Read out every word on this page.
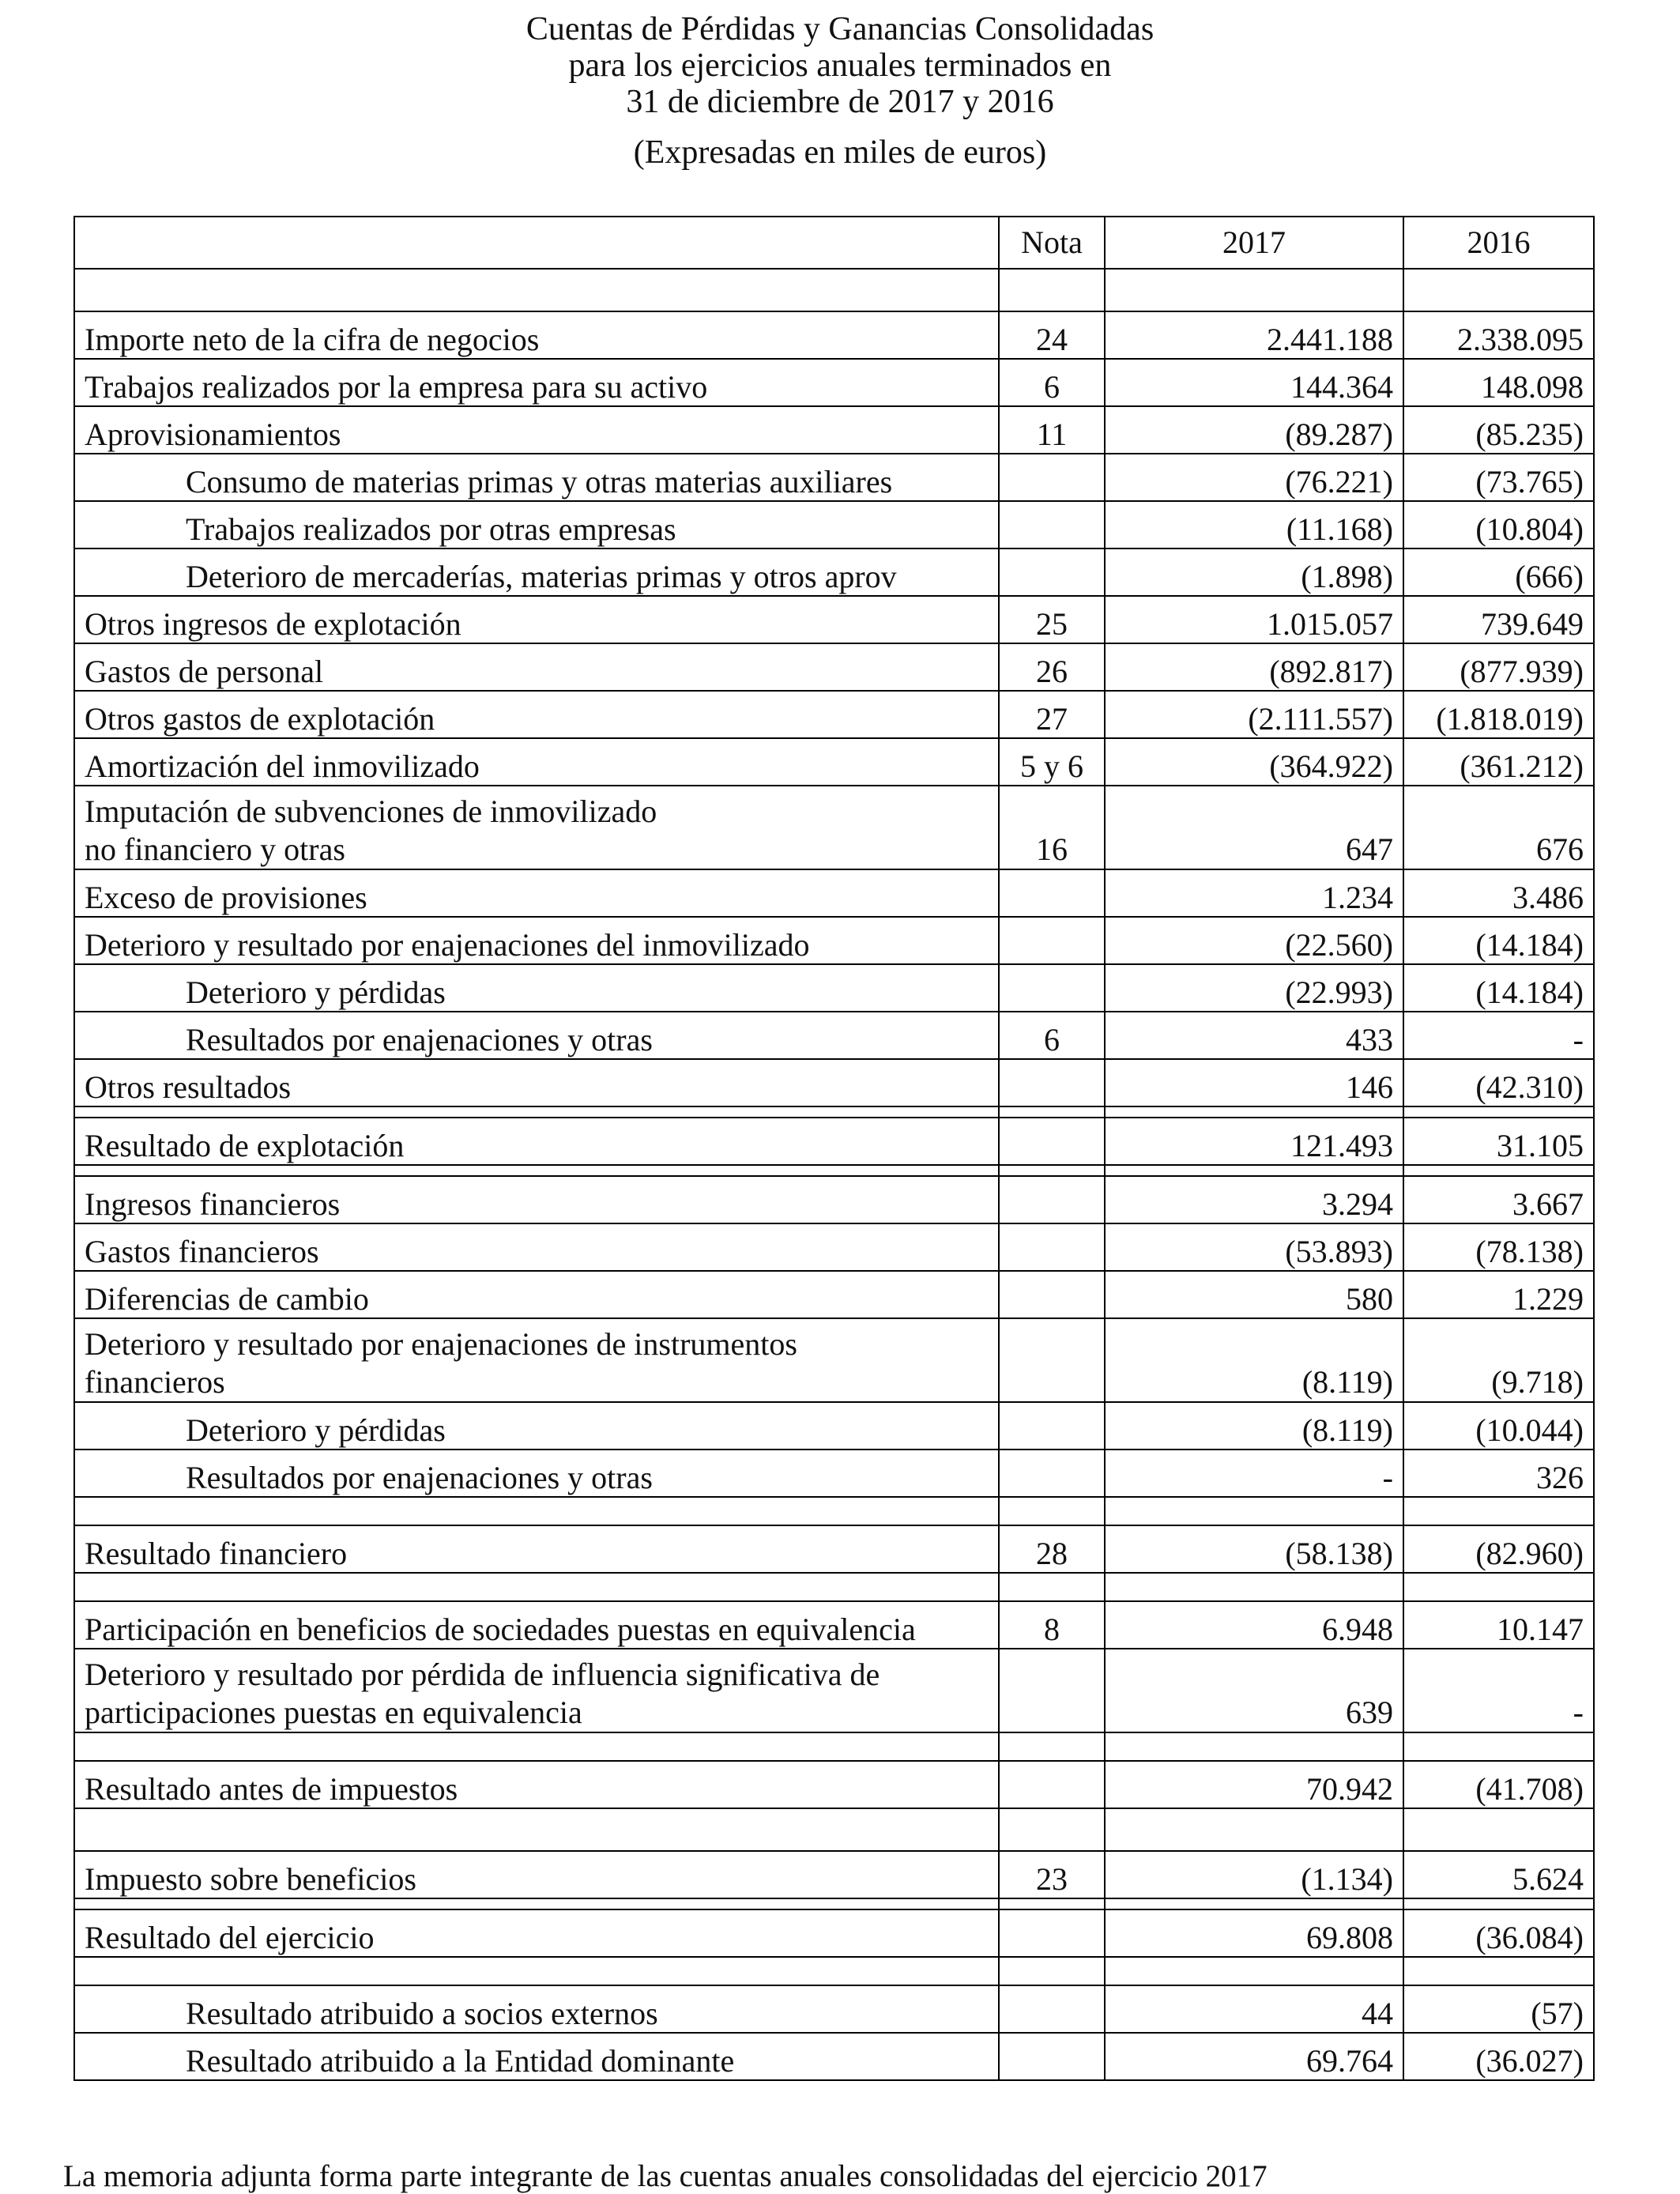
Cuentas de Pérdidas y Ganancias Consolidadas
para los ejercicios anuales terminados en
31 de diciembre de 2017 y 2016
(Expresadas en miles de euros)
	Nota	2017	2016

Importe neto de la cifra de negocios	24	2.441.188	2.338.095
Trabajos realizados por la empresa para su activo	6	144.364	148.098
Aprovisionamientos	11	(89.287)	(85.235)
Consumo de materias primas y otras materias auxiliares		(76.221)	(73.765)
Trabajos realizados por otras empresas		(11.168)	(10.804)
Deterioro de mercaderías, materias primas y otros aprov		(1.898)	(666)
Otros ingresos de explotación	25	1.015.057	739.649
Gastos de personal	26	(892.817)	(877.939)
Otros gastos de explotación	27	(2.111.557)	(1.818.019)
Amortización del inmovilizado	5 y 6	(364.922)	(361.212)

Imputación de subvenciones de inmovilizado
no financiero y otras	16	647	676
Exceso de provisiones		1.234	3.486
Deterioro y resultado por enajenaciones del inmovilizado		(22.560)	(14.184)
Deterioro y pérdidas		(22.993)	(14.184)
Resultados por enajenaciones y otras	6	433	-
Otros resultados		146	(42.310)

Resultado de explotación		121.493	31.105

Ingresos financieros		3.294	3.667
Gastos financieros		(53.893)	(78.138)
Diferencias de cambio		580	1.229

Deterioro y resultado por enajenaciones de instrumentos
financieros		(8.119)	(9.718)
Deterioro y pérdidas		(8.119)	(10.044)
Resultados por enajenaciones y otras		-	326

Resultado financiero	28	(58.138)	(82.960)

Participación en beneficios de sociedades puestas en equivalencia	8	6.948	10.147

Deterioro y resultado por pérdida de influencia significativa de
participaciones puestas en equivalencia		639	-

Resultado antes de impuestos		70.942	(41.708)

Impuesto sobre beneficios	23	(1.134)	5.624

Resultado del ejercicio		69.808	(36.084)

Resultado atribuido a socios externos		44	(57)
Resultado atribuido a la Entidad dominante		69.764	(36.027)
La memoria adjunta forma parte integrante de las cuentas anuales consolidadas del ejercicio 2017
